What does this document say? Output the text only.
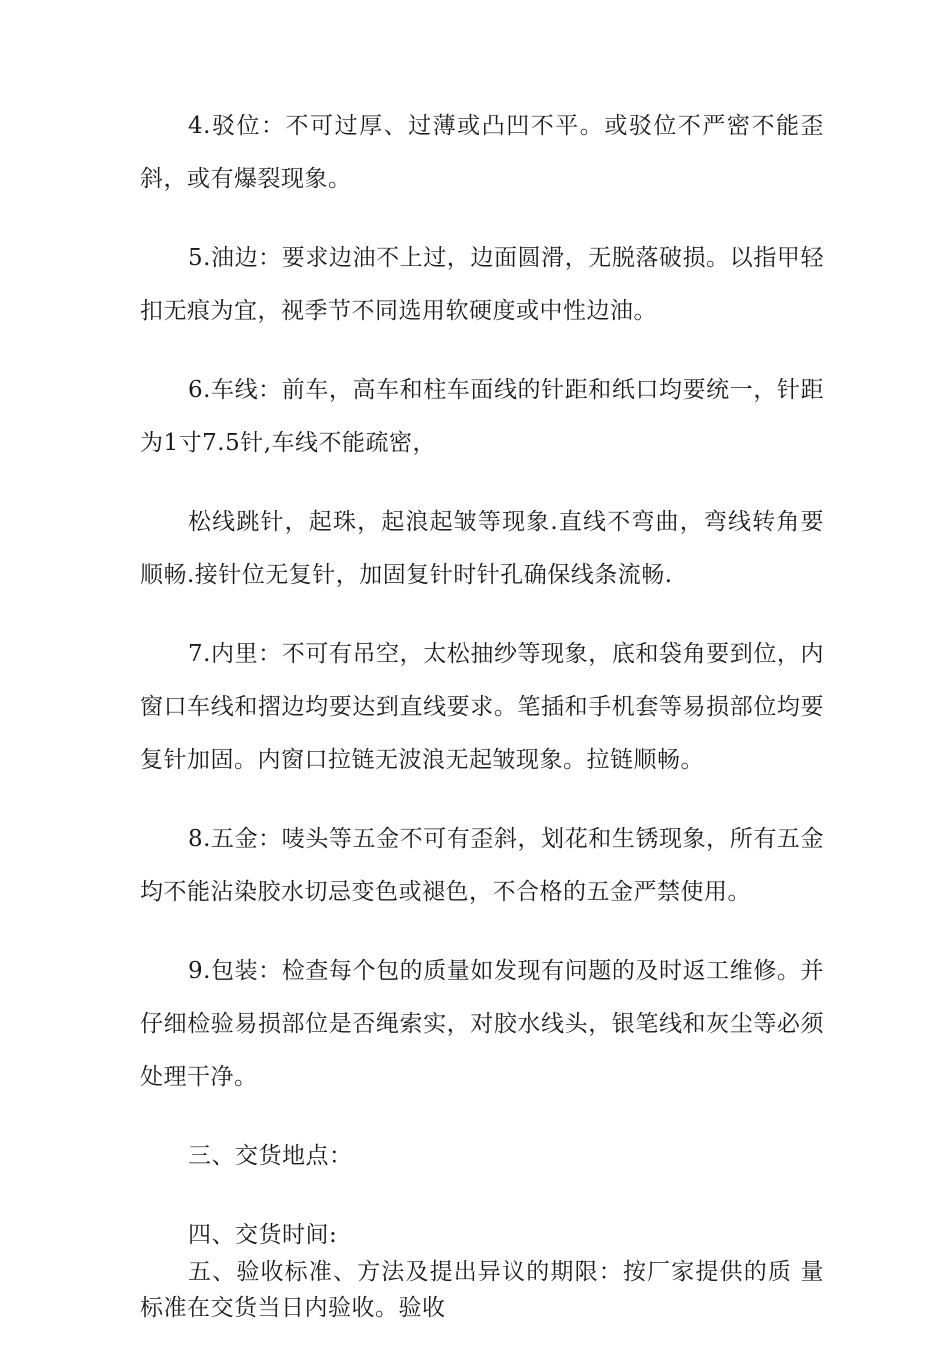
4.驳位：不可过厚、过薄或凸凹不平。或驳位不严密不能歪斜，或有爆裂现象。

5.油边：要求边油不上过，边面圆滑，无脱落破损。以指甲轻扣无痕为宜，视季节不同选用软硬度或中性边油。

6.车线：前车，高车和柱车面线的针距和纸口均要统一，针距为1寸7.5针,车线不能疏密，

松线跳针，起珠，起浪起皱等现象.直线不弯曲，弯线转角要顺畅.接针位无复针，加固复针时针孔确保线条流畅.

7.内里：不可有吊空，太松抽纱等现象，底和袋角要到位，内窗口车线和摺边均要达到直线要求。笔插和手机套等易损部位均要复针加固。内窗口拉链无波浪无起皱现象。拉链顺畅。

8.五金：唛头等五金不可有歪斜，划花和生锈现象，所有五金均不能沾染胶水切忌变色或褪色，不合格的五金严禁使用。

9.包装：检查每个包的质量如发现有问题的及时返工维修。并仔细检验易损部位是否绳索实，对胶水线头，银笔线和灰尘等必须处理干净。

三、交货地点：

四、交货时间:

五、验收标准、方法及提出异议的期限：按厂家提供的质 量标准在交货当日内验收。验收
